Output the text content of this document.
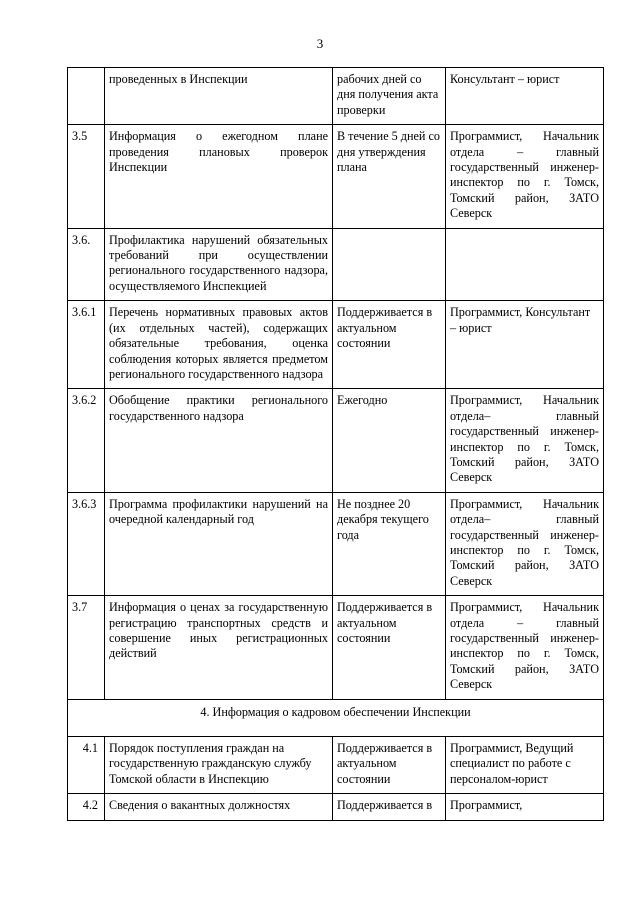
3
	проведенных в Инспекции	рабочих дней со дня получения акта проверки	Консультант – юрист
3.5	Информация о ежегодном плане проведения плановых проверок Инспекции	В течение 5 дней со дня утверждения плана	Программист, Начальник отдела – главный государственный инженер-инспектор по г. Томск, Томский район, ЗАТО Северск
3.6.	Профилактика нарушений обязательных требований при осуществлении регионального государственного надзора, осуществляемого Инспекцией		
3.6.1	Перечень нормативных правовых актов (их отдельных частей), содержащих обязательные требования, оценка соблюдения которых является предметом регионального государственного надзора	Поддерживается в актуальном состоянии	Программист, Консультант – юрист
3.6.2	Обобщение практики регионального государственного надзора	Ежегодно	Программист, Начальник отдела– главный государственный инженер-инспектор по г. Томск, Томский район, ЗАТО Северск
3.6.3	Программа профилактики нарушений на очередной календарный год	Не позднее 20 декабря текущего года	Программист, Начальник отдела– главный государственный инженер-инспектор по г. Томск, Томский район, ЗАТО Северск
3.7	Информация о ценах за государственную регистрацию транспортных средств и совершение иных регистрационных действий	Поддерживается в актуальном состоянии	Программист, Начальник отдела – главный государственный инженер-инспектор по г. Томск, Томский район, ЗАТО Северск

4. Информация о кадровом обеспечении Инспекции			

4.1	Порядок поступления граждан на государственную гражданскую службу Томской области в Инспекцию	Поддерживается в актуальном состоянии	Программист, Ведущий специалист по работе с персоналом-юрист
4.2	Сведения о вакантных должностях	Поддерживается в	Программист,
